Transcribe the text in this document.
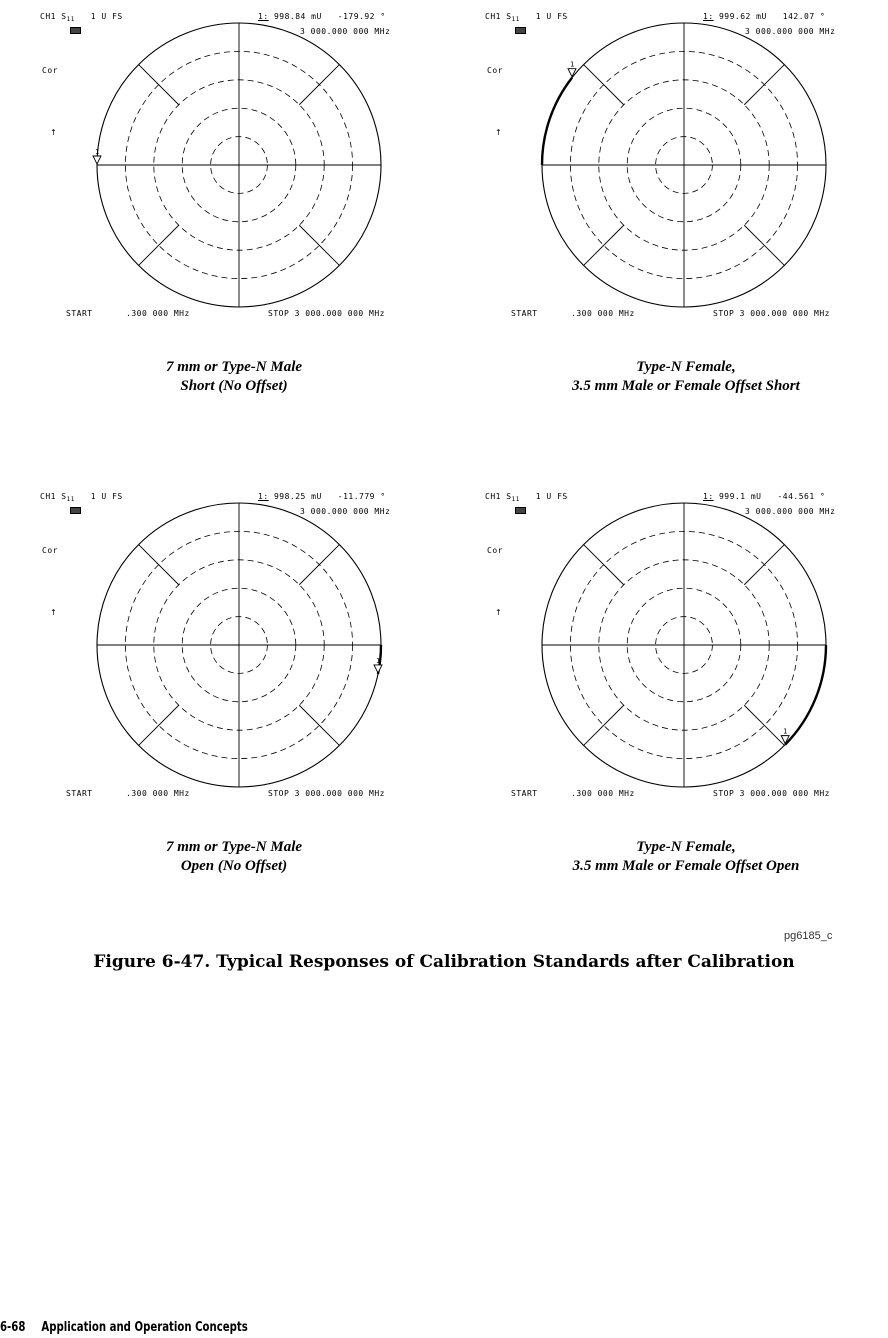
CH1 $S_{11}$ 1 U FS	1: 998.84 mU -179.92 °
3 000.000 000 MHz
Cor
START	.300 000 MHz	STOP 3 000.000 000 MHz
↑
1
CH1 $S_{11}$ 1 U FS	1: 999.62 mU 142.07 °
3 000.000 000 MHz
Cor
START	.300 000 MHz	STOP 3 000.000 000 MHz
↑
1
CH1 $S_{11}$ 1 U FS	1: 998.25 mU -11.779 °
3 000.000 000 MHz
Cor
START	.300 000 MHz	STOP 3 000.000 000 MHz
↑
1
CH1 $S_{11}$ 1 U FS	1: 999.1 mU -44.561 °
3 000.000 000 MHz
Cor
START	.300 000 MHz	STOP 3 000.000 000 MHz
↑
1
7 mm or Type-N Male
Short (No Offset)
Type-N Female,
3.5 mm Male or Female Offset Short
7 mm or Type-N Male
Open (No Offset)
Type-N Female,
3.5 mm Male or Female Offset Open
pg6185_c
Figure 6-47. Typical Responses of Calibration Standards after Calibration
6-68 Application and Operation Concepts
